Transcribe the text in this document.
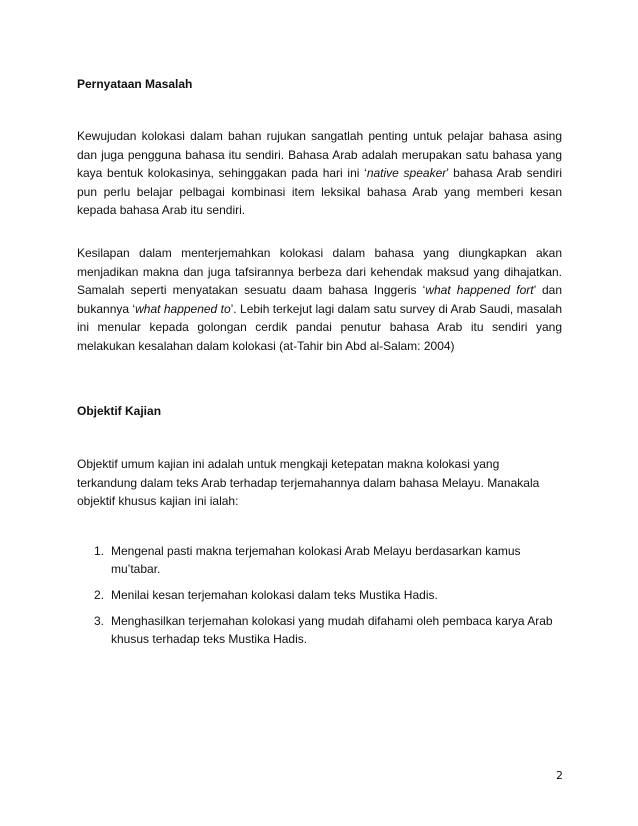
Pernyataan Masalah

Kewujudan kolokasi dalam bahan rujukan sangatlah penting untuk pelajar bahasa asing dan juga pengguna bahasa itu sendiri. Bahasa Arab adalah merupakan satu bahasa yang kaya bentuk kolokasinya, sehinggakan pada hari ini ‘native speaker’ bahasa Arab sendiri pun perlu belajar pelbagai kombinasi item leksikal bahasa Arab yang memberi kesan kepada bahasa Arab itu sendiri.

Kesilapan dalam menterjemahkan kolokasi dalam bahasa yang diungkapkan akan menjadikan makna dan juga tafsirannya berbeza dari kehendak maksud yang dihajatkan. Samalah seperti menyatakan sesuatu daam bahasa Inggeris ‘what happened fort’ dan bukannya ‘what happened to’. Lebih terkejut lagi dalam satu survey di Arab Saudi, masalah ini menular kepada golongan cerdik pandai penutur bahasa Arab itu sendiri yang melakukan kesalahan dalam kolokasi (at-Tahir bin Abd al-Salam: 2004)

Objektif Kajian

Objektif umum kajian ini adalah untuk mengkaji ketepatan makna kolokasi yang terkandung dalam teks Arab terhadap terjemahannya dalam bahasa Melayu. Manakala objektif khusus kajian ini ialah:

1. Mengenal pasti makna terjemahan kolokasi Arab Melayu berdasarkan kamus mu’tabar.
2. Menilai kesan terjemahan kolokasi dalam teks Mustika Hadis.
3. Menghasilkan terjemahan kolokasi yang mudah difahami oleh pembaca karya Arab khusus terhadap teks Mustika Hadis.
2
